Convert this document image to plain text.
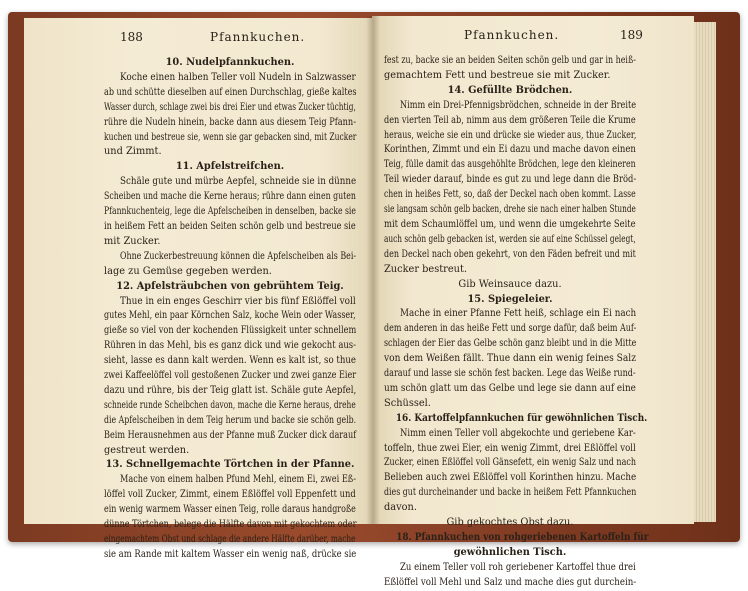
188	Pfannkuchen.

10. Nudelpfannkuchen.

Koche einen halben Teller voll Nudeln in Salzwasser

ab und schütte dieselben auf einen Durchschlag, gieße kaltes

Wasser durch, schlage zwei bis drei Eier und etwas Zucker tüchtig,

rühre die Nudeln hinein, backe dann aus diesem Teig Pfann-

kuchen und bestreue sie, wenn sie gar gebacken sind, mit Zucker

und Zimmt.

11. Apfelstreifchen.

Schäle gute und mürbe Aepfel, schneide sie in dünne

Scheiben und mache die Kerne heraus; rühre dann einen guten

Pfannkuchenteig, lege die Apfelscheiben in denselben, backe sie

in heißem Fett an beiden Seiten schön gelb und bestreue sie

mit Zucker.

Ohne Zuckerbestreuung können die Apfelscheiben als Bei-

lage zu Gemüse gegeben werden.

12. Apfelsträubchen von gebrühtem Teig.

Thue in ein enges Geschirr vier bis fünf Eßlöffel voll

gutes Mehl, ein paar Körnchen Salz, koche Wein oder Wasser,

gieße so viel von der kochenden Flüssigkeit unter schnellem

Rühren in das Mehl, bis es ganz dick und wie gekocht aus-

sieht, lasse es dann kalt werden. Wenn es kalt ist, so thue

zwei Kaffeelöffel voll gestoßenen Zucker und zwei ganze Eier

dazu und rühre, bis der Teig glatt ist. Schäle gute Aepfel,

schneide runde Scheibchen davon, mache die Kerne heraus, drehe

die Apfelscheiben in dem Teig herum und backe sie schön gelb.

Beim Herausnehmen aus der Pfanne muß Zucker dick darauf

gestreut werden.

13. Schnellgemachte Törtchen in der Pfanne.

Mache von einem halben Pfund Mehl, einem Ei, zwei Eß-

löffel voll Zucker, Zimmt, einem Eßlöffel voll Eppenfett und

ein wenig warmem Wasser einen Teig, rolle daraus handgroße

dünne Törtchen, belege die Hälfte davon mit gekochtem oder

eingemachtem Obst und schlage die andere Hälfte darüber, mache

sie am Rande mit kaltem Wasser ein wenig naß, drücke sie

Pfannkuchen.	189

fest zu, backe sie an beiden Seiten schön gelb und gar in heiß-

gemachtem Fett und bestreue sie mit Zucker.

14. Gefüllte Brödchen.

Nimm ein Drei-Pfennigsbrödchen, schneide in der Breite

den vierten Teil ab, nimm aus dem größeren Teile die Krume

heraus, weiche sie ein und drücke sie wieder aus, thue Zucker,

Korinthen, Zimmt und ein Ei dazu und mache davon einen

Teig, fülle damit das ausgehöhlte Brödchen, lege den kleineren

Teil wieder darauf, binde es gut zu und lege dann die Bröd-

chen in heißes Fett, so, daß der Deckel nach oben kommt. Lasse

sie langsam schön gelb backen, drehe sie nach einer halben Stunde

mit dem Schaumlöffel um, und wenn die umgekehrte Seite

auch schön gelb gebacken ist, werden sie auf eine Schüssel gelegt,

den Deckel nach oben gekehrt, von den Fäden befreit und mit

Zucker bestreut.

Gib Weinsauce dazu.

15. Spiegeleier.

Mache in einer Pfanne Fett heiß, schlage ein Ei nach

dem anderen in das heiße Fett und sorge dafür, daß beim Auf-

schlagen der Eier das Gelbe schön ganz bleibt und in die Mitte

von dem Weißen fällt. Thue dann ein wenig feines Salz

darauf und lasse sie schön fest backen. Lege das Weiße rund-

um schön glatt um das Gelbe und lege sie dann auf eine

Schüssel.

16. Kartoffelpfannkuchen für gewöhnlichen Tisch.

Nimm einen Teller voll abgekochte und geriebene Kar-

toffeln, thue zwei Eier, ein wenig Zimmt, drei Eßlöffel voll

Zucker, einen Eßlöffel voll Gänsefett, ein wenig Salz und nach

Belieben auch zwei Eßlöffel voll Korinthen hinzu. Mache

dies gut durcheinander und backe in heißem Fett Pfannkuchen

davon.

Gib gekochtes Obst dazu.

18. Pfannkuchen von rohgeriebenen Kartoffeln für

gewöhnlichen Tisch.

Zu einem Teller voll roh geriebener Kartoffel thue drei

Eßlöffel voll Mehl und Salz und mache dies gut durchein-
